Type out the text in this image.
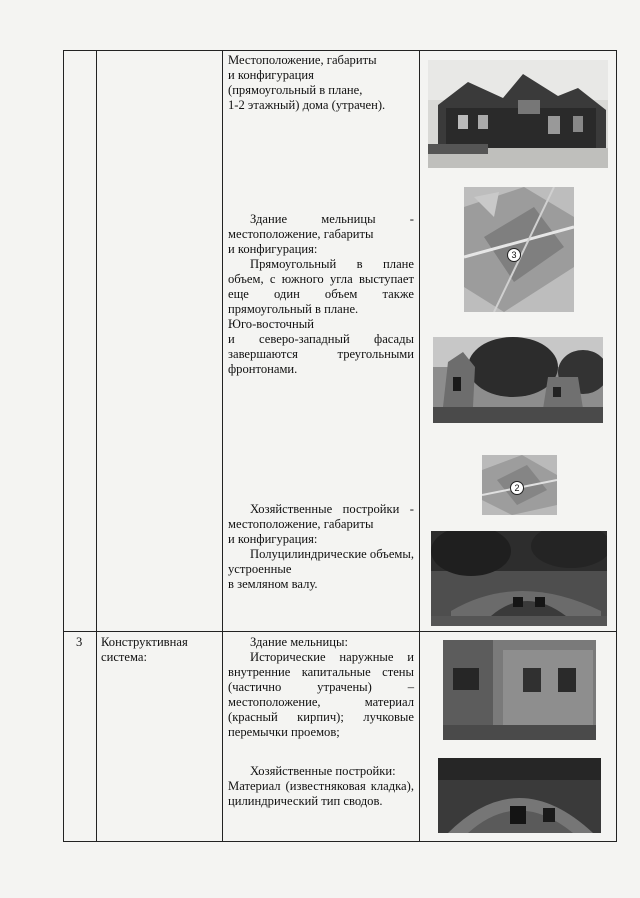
Местоположение, габариты

и конфигурация

(прямоугольный в плане,

1-2 этажный) дома (утрачен).

Здание мельницы - местоположение, габариты

и конфигурация:

Прямоугольный в плане объем, с южного угла выступает еще один объем также прямоугольный в плане.

Юго-восточный

и северо-западный фасады завершаются треугольными фронтонами.

Хозяйственные постройки - местоположение, габариты

и конфигурация:

Полуцилиндрические объемы, устроенные

в земляном валу.

3
2
3 Конструктивная система:

Здание мельницы:

Исторические наружные и внутренние капитальные стены (частично утрачены) – местоположение, материал (красный кирпич); лучковые перемычки проемов;

Хозяйственные постройки:

Материал (известняковая кладка), цилиндрический тип сводов.
